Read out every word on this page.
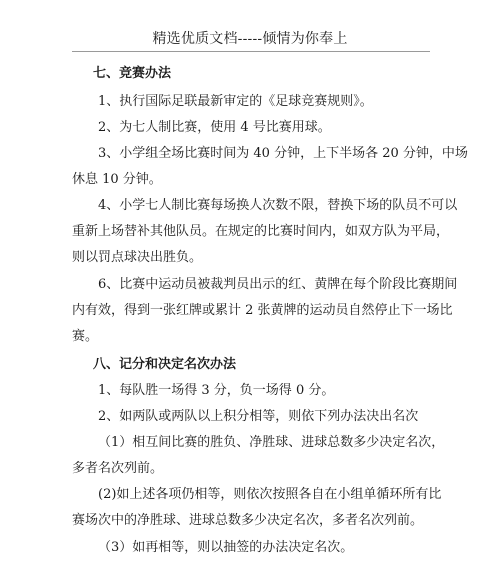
精选优质文档-----倾情为你奉上
七、竞赛办法
1、执行国际足联最新审定的《足球竞赛规则》。
2、为七人制比赛，使用 4 号比赛用球。
3、小学组全场比赛时间为 40 分钟，上下半场各 20 分钟，中场
休息 10 分钟。
4、小学七人制比赛每场换人次数不限，替换下场的队员不可以
重新上场替补其他队员。在规定的比赛时间内，如双方队为平局，
则以罚点球决出胜负。
6、比赛中运动员被裁判员出示的红、黄牌在每个阶段比赛期间
内有效，得到一张红牌或累计 2 张黄牌的运动员自然停止下一场比
赛。
八、记分和决定名次办法
1、每队胜一场得 3 分，负一场得 0 分。
2、如两队或两队以上积分相等，则依下列办法决出名次
（1）相互间比赛的胜负、净胜球、进球总数多少决定名次，
多者名次列前。
(2)如上述各项仍相等，则依次按照各自在小组单循环所有比
赛场次中的净胜球、进球总数多少决定名次，多者名次列前。
（3）如再相等，则以抽签的办法决定名次。
